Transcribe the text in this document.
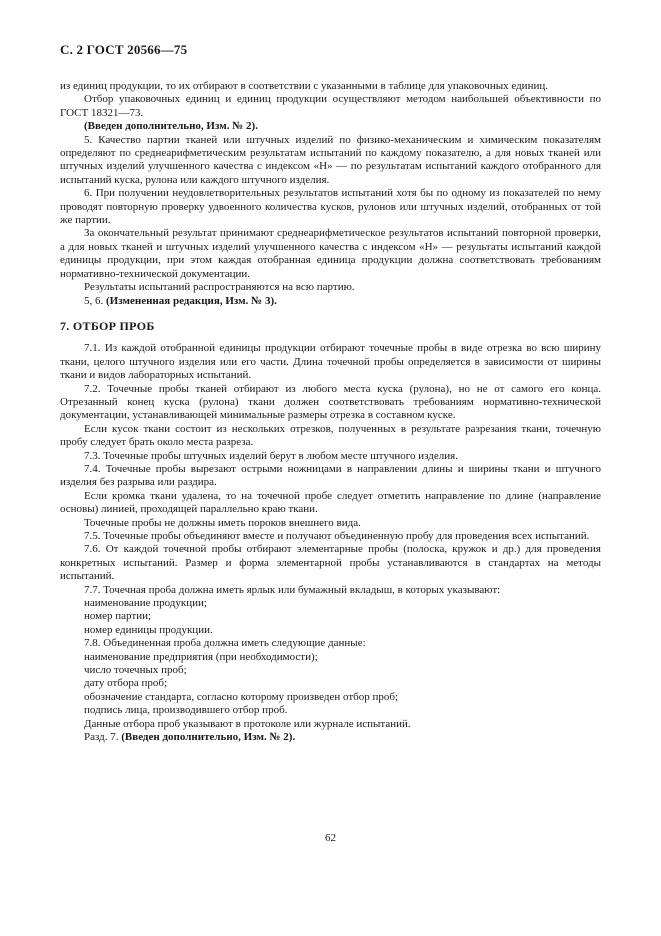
С. 2 ГОСТ 20566—75

из единиц продукции, то их отбирают в соответствии с указанными в таблице для упаковочных единиц.

Отбор упаковочных единиц и единиц продукции осуществляют методом наибольшей объективности по ГОСТ 18321—73.

(Введен дополнительно, Изм. № 2).

5. Качество партии тканей или штучных изделий по физико-механическим и химическим показателям определяют по среднеарифметическим результатам испытаний по каждому показателю, а для новых тканей или штучных изделий улучшенного качества с индексом «Н» — по результатам испытаний каждого отобранного для испытаний куска, рулона или каждого штучного изделия.

6. При получении неудовлетворительных результатов испытаний хотя бы по одному из показателей по нему проводят повторную проверку удвоенного количества кусков, рулонов или штучных изделий, отобранных от той же партии.

За окончательный результат принимают среднеарифметическое результатов испытаний повторной проверки, а для новых тканей и штучных изделий улучшенного качества с индексом «Н» — результаты испытаний каждой единицы продукции, при этом каждая отобранная единица продукции должна соответствовать требованиям нормативно-технической документации.

Результаты испытаний распространяются на всю партию.

5, 6. (Измененная редакция, Изм. № 3).

7. ОТБОР ПРОБ

7.1. Из каждой отобранной единицы продукции отбирают точечные пробы в виде отрезка во всю ширину ткани, целого штучного изделия или его части. Длина точечной пробы определяется в зависимости от ширины ткани и видов лабораторных испытаний.

7.2. Точечные пробы тканей отбирают из любого места куска (рулона), но не от самого его конца. Отрезанный конец куска (рулона) ткани должен соответствовать требованиям нормативно-технической документации, устанавливающей минимальные размеры отрезка в составном куске.

Если кусок ткани состоит из нескольких отрезков, полученных в результате разрезания ткани, точечную пробу следует брать около места разреза.

7.3. Точечные пробы штучных изделий берут в любом месте штучного изделия.

7.4. Точечные пробы вырезают острыми ножницами в направлении длины и ширины ткани и штучного изделия без разрыва или раздира.

Если кромка ткани удалена, то на точечной пробе следует отметить направление по длине (направление основы) линией, проходящей параллельно краю ткани.

Точечные пробы не должны иметь пороков внешнего вида.

7.5. Точечные пробы объединяют вместе и получают объединенную пробу для проведения всех испытаний.

7.6. От каждой точечной пробы отбирают элементарные пробы (полоска, кружок и др.) для проведения конкретных испытаний. Размер и форма элементарной пробы устанавливаются в стандартах на методы испытаний.

7.7. Точечная проба должна иметь ярлык или бумажный вкладыш, в которых указывают:

наименование продукции;

номер партии;

номер единицы продукции.

7.8. Объединенная проба должна иметь следующие данные:

наименование предприятия (при необходимости);

число точечных проб;

дату отбора проб;

обозначение стандарта, согласно которому произведен отбор проб;

подпись лица, производившего отбор проб.

Данные отбора проб указывают в протоколе или журнале испытаний.

Разд. 7. (Введен дополнительно, Изм. № 2).

62
